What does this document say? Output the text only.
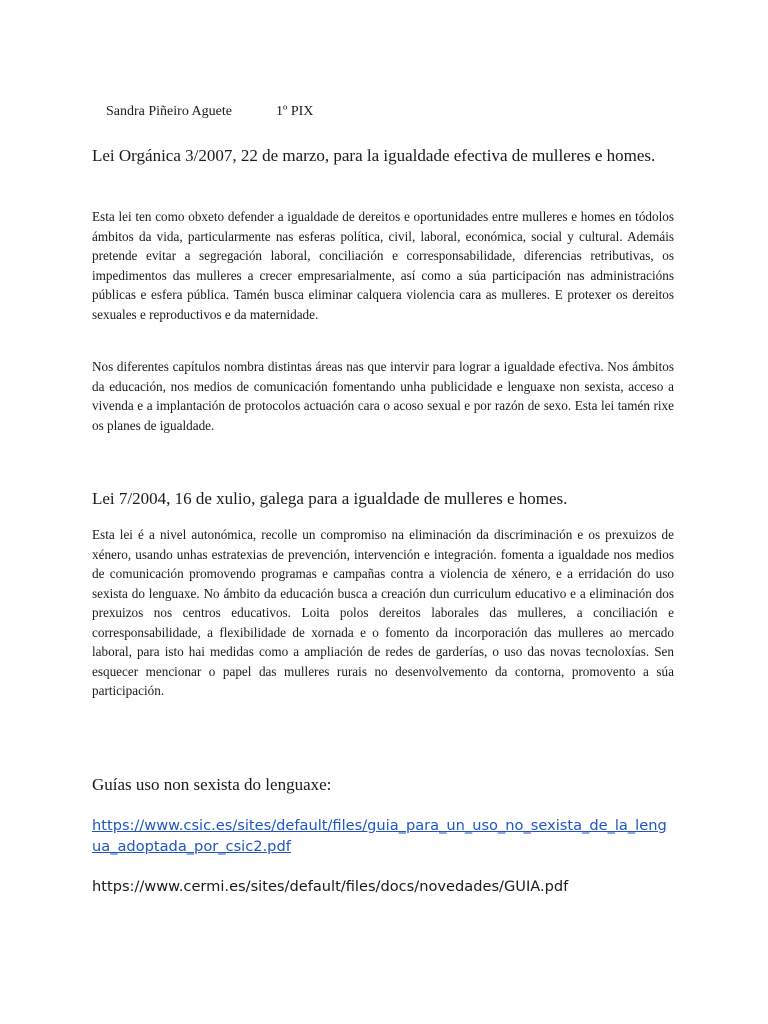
Sandra Piñeiro Aguete	1º PIX

Lei Orgánica 3/2007, 22 de marzo, para la igualdade efectiva de mulleres e homes.

Esta lei ten como obxeto defender a igualdade de dereitos e oportunidades entre mulleres e homes en tódolos ámbitos da vida, particularmente nas esferas política, civil, laboral, económica, social y cultural. Ademáis pretende evitar a segregación laboral, conciliación e corresponsabilidade, diferencias retributivas, os impedimentos das mulleres a crecer empresarialmente, así como a súa participación nas administracións públicas e esfera pública. Tamén busca eliminar calquera violencia cara as mulleres. E protexer os dereitos sexuales e reproductivos e da maternidade.

Nos diferentes capítulos nombra distintas áreas nas que intervir para lograr a igualdade efectiva. Nos ámbitos da educación, nos medios de comunicación fomentando unha publicidade e lenguaxe non sexista, acceso a vivenda e a implantación de protocolos actuación cara o acoso sexual e por razón de sexo. Esta lei tamén rixe os planes de igualdade.

Lei 7/2004, 16 de xulio, galega para a igualdade de mulleres e homes.

Esta lei é a nivel autonómica, recolle un compromiso na eliminación da discriminación e os prexuizos de xénero, usando unhas estratexias de prevención, intervención e integración. fomenta a igualdade nos medios de comunicación promovendo programas e campañas contra a violencia de xénero, e a erridación do uso sexista do lenguaxe. No ámbito da educación busca a creación dun curriculum educativo e a eliminación dos prexuizos nos centros educativos. Loita polos dereitos laborales das mulleres, a conciliación e corresponsabilidade, a flexibilidade de xornada e o fomento da incorporación das mulleres ao mercado laboral, para isto hai medidas como a ampliación de redes de garderías, o uso das novas tecnoloxías. Sen esquecer mencionar o papel das mulleres rurais no desenvolvemento da contorna, promovento a súa participación.

Guías uso non sexista do lenguaxe:
https://www.csic.es/sites/default/files/guia_para_un_uso_no_sexista_de_la_lengua_adoptada_por_csic2.pdf
https://www.cermi.es/sites/default/files/docs/novedades/GUIA.pdf
